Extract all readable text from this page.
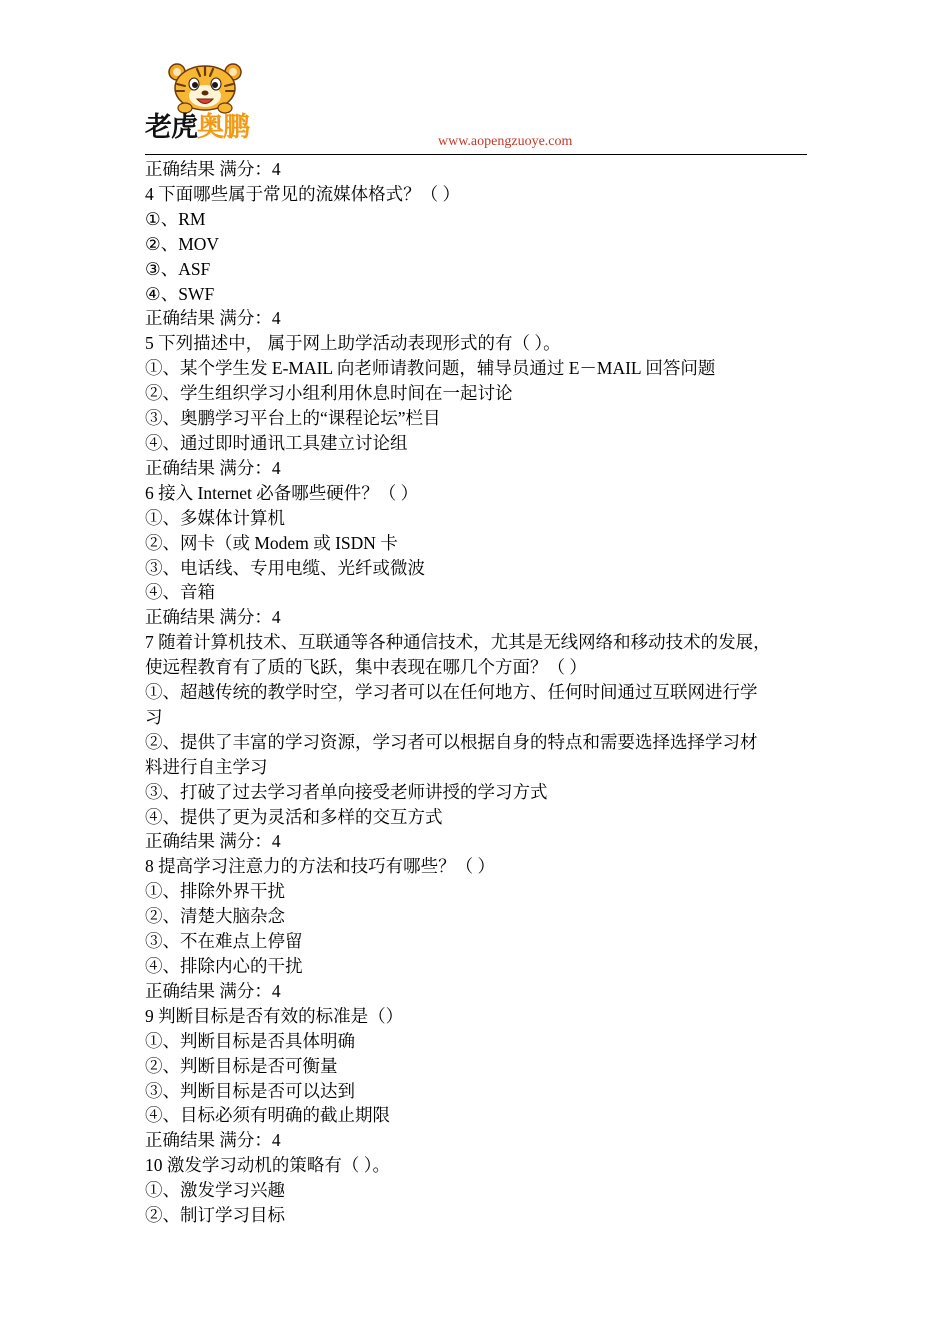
老虎奥鹏	www.aopengzuoye.com

正确结果 满分：4

4 下面哪些属于常见的流媒体格式？（ ）

①、RM

②、MOV

③、ASF

④、SWF

正确结果 满分：4

5 下列描述中， 属于网上助学活动表现形式的有（ ）。

①、某个学生发 E-MAIL 向老师请教问题，辅导员通过 E－MAIL 回答问题

②、学生组织学习小组利用休息时间在一起讨论

③、奥鹏学习平台上的“课程论坛”栏目

④、通过即时通讯工具建立讨论组

正确结果 满分：4

6 接入 Internet 必备哪些硬件？（ ）

①、多媒体计算机

②、网卡（或 Modem 或 ISDN 卡

③、电话线、专用电缆、光纤或微波

④、音箱

正确结果 满分：4

7 随着计算机技术、互联通等各种通信技术，尤其是无线网络和移动技术的发展，

使远程教育有了质的飞跃，集中表现在哪几个方面？（ ）

①、超越传统的教学时空，学习者可以在任何地方、任何时间通过互联网进行学

习

②、提供了丰富的学习资源，学习者可以根据自身的特点和需要选择选择学习材

料进行自主学习

③、打破了过去学习者单向接受老师讲授的学习方式

④、提供了更为灵活和多样的交互方式

正确结果 满分：4

8 提高学习注意力的方法和技巧有哪些？（ ）

①、排除外界干扰

②、清楚大脑杂念

③、不在难点上停留

④、排除内心的干扰

正确结果 满分：4

9 判断目标是否有效的标准是（）

①、判断目标是否具体明确

②、判断目标是否可衡量

③、判断目标是否可以达到

④、目标必须有明确的截止期限

正确结果 满分：4

10 激发学习动机的策略有（ ）。

①、激发学习兴趣

②、制订学习目标
